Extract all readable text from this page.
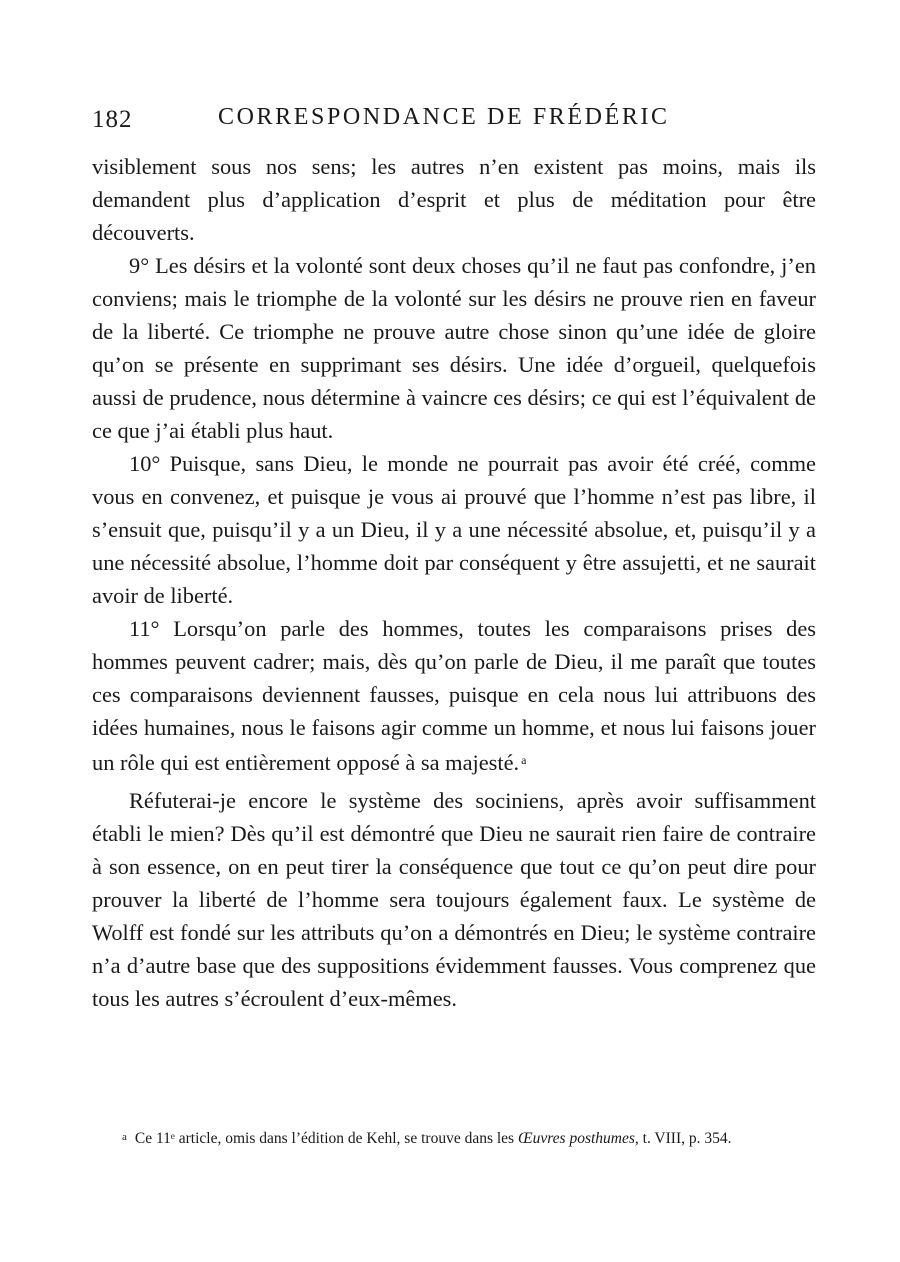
182	CORRESPONDANCE DE FRÉDÉRIC

visiblement sous nos sens; les autres n’en existent pas moins, mais ils demandent plus d’application d’esprit et plus de méditation pour être découverts.

9° Les désirs et la volonté sont deux choses qu’il ne faut pas confondre, j’en conviens; mais le triomphe de la volonté sur les désirs ne prouve rien en faveur de la liberté. Ce triomphe ne prouve autre chose sinon qu’une idée de gloire qu’on se présente en supprimant ses désirs. Une idée d’orgueil, quelquefois aussi de prudence, nous détermine à vaincre ces désirs; ce qui est l’équivalent de ce que j’ai établi plus haut.

10° Puisque, sans Dieu, le monde ne pourrait pas avoir été créé, comme vous en convenez, et puisque je vous ai prouvé que l’homme n’est pas libre, il s’ensuit que, puisqu’il y a un Dieu, il y a une nécessité absolue, et, puisqu’il y a une nécessité absolue, l’homme doit par conséquent y être assujetti, et ne saurait avoir de liberté.

11° Lorsqu’on parle des hommes, toutes les comparaisons prises des hommes peuvent cadrer; mais, dès qu’on parle de Dieu, il me paraît que toutes ces comparaisons deviennent fausses, puisque en cela nous lui attribuons des idées humaines, nous le faisons agir comme un homme, et nous lui faisons jouer un rôle qui est entièrement opposé à sa majesté. $^a$

Réfuterai-je encore le système des sociniens, après avoir suffisamment établi le mien? Dès qu’il est démontré que Dieu ne saurait rien faire de contraire à son essence, on en peut tirer la conséquence que tout ce qu’on peut dire pour prouver la liberté de l’homme sera toujours également faux. Le système de Wolff est fondé sur les attributs qu’on a démontrés en Dieu; le système contraire n’a d’autre base que des suppositions évidemment fausses. Vous comprenez que tous les autres s’écroulent d’eux-mêmes.

a Ce 11ᵉ article, omis dans l’édition de Kehl, se trouve dans les Œuvres posthumes, t. VIII, p. 354.
